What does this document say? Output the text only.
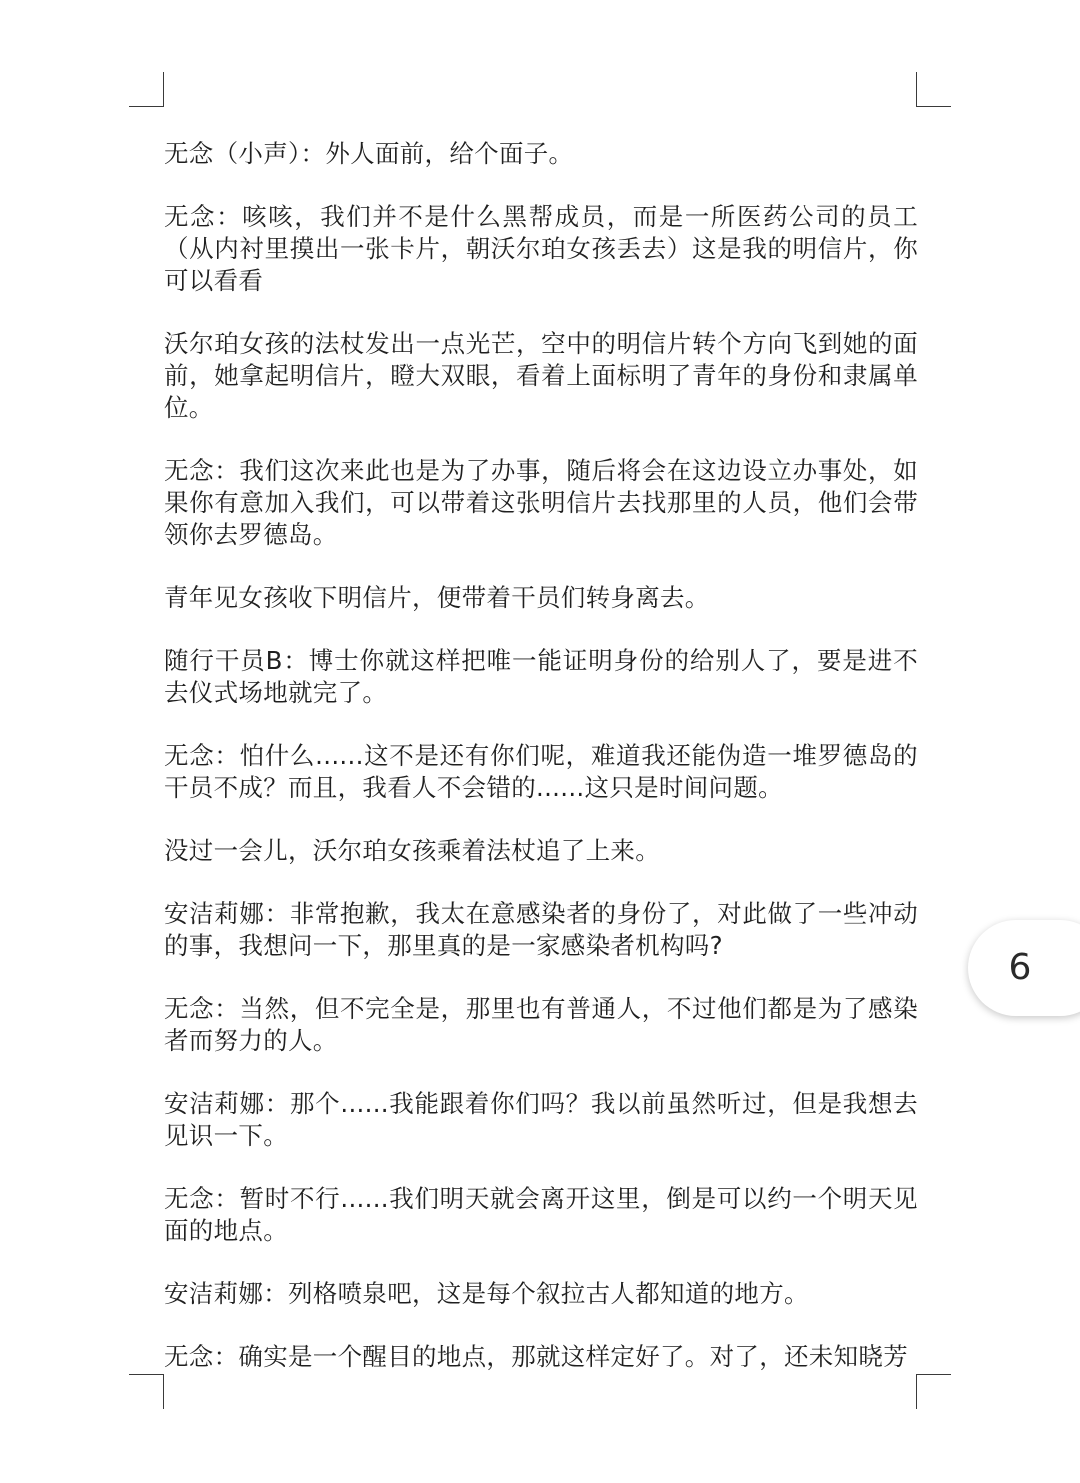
无念（小声）：外人面前，给个面子。

无念：咳咳，我们并不是什么黑帮成员，而是一所医药公司的员工（从内衬里摸出一张卡片，朝沃尔珀女孩丢去）这是我的明信片，你可以看看

沃尔珀女孩的法杖发出一点光芒，空中的明信片转个方向飞到她的面前，她拿起明信片，瞪大双眼，看着上面标明了青年的身份和隶属单位。

无念：我们这次来此也是为了办事，随后将会在这边设立办事处，如果你有意加入我们，可以带着这张明信片去找那里的人员，他们会带领你去罗德岛。

青年见女孩收下明信片，便带着干员们转身离去。

随行干员B：博士你就这样把唯一能证明身份的给别人了，要是进不去仪式场地就完了。

无念：怕什么......这不是还有你们呢，难道我还能伪造一堆罗德岛的干员不成？而且，我看人不会错的......这只是时间问题。

没过一会儿，沃尔珀女孩乘着法杖追了上来。

安洁莉娜：非常抱歉，我太在意感染者的身份了，对此做了一些冲动的事，我想问一下，那里真的是一家感染者机构吗?

无念：当然，但不完全是，那里也有普通人，不过他们都是为了感染者而努力的人。

安洁莉娜：那个......我能跟着你们吗？我以前虽然听过，但是我想去见识一下。

无念：暂时不行......我们明天就会离开这里，倒是可以约一个明天见面的地点。

安洁莉娜：列格喷泉吧，这是每个叙拉古人都知道的地方。

无念：确实是一个醒目的地点，那就这样定好了。对了，还未知晓芳

6
